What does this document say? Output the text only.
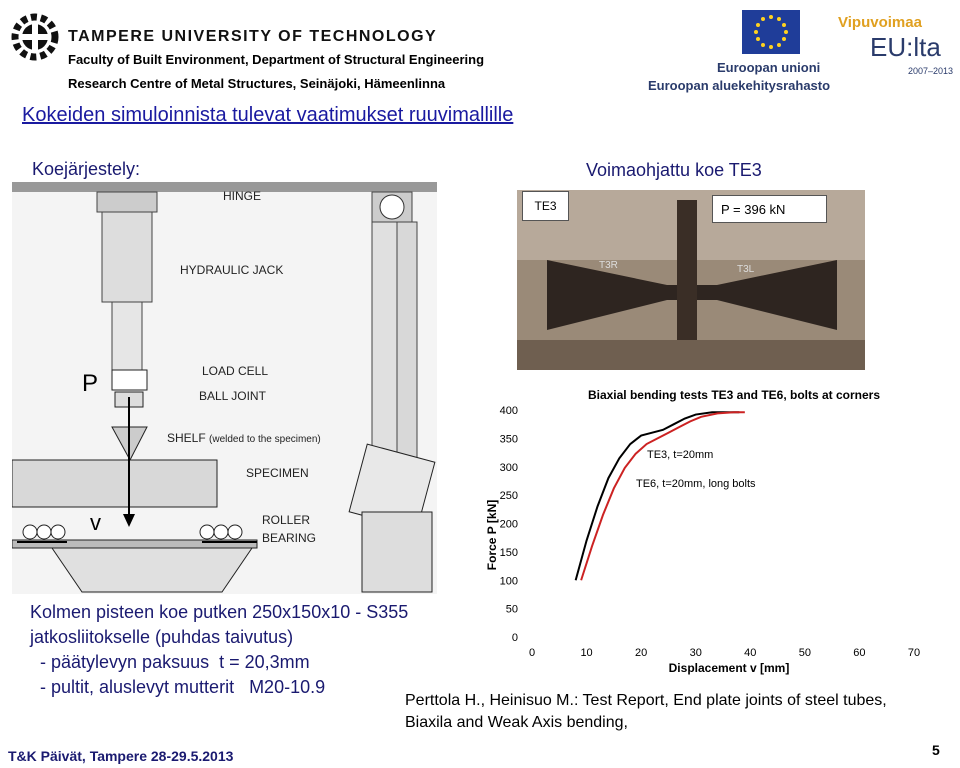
TAMPERE UNIVERSITY OF TECHNOLOGY
Faculty of Built Environment, Department of Structural Engineering
Research Centre of Metal Structures, Seinäjoki, Hämeenlinna
Euroopan unioni
Euroopan aluekehitysrahasto
Vipuvoimaa
EU:lta
2007–2013
Kokeiden simuloinnista tulevat vaatimukset ruuvimallille
Koejärjestely:	Voimaohjattu koe TE3
HINGE
HYDRAULIC JACK
P	LOAD CELL
BALL JOINT
SHELF (welded to the specimen)
SPECIMEN
v	ROLLER
BEARING
T3R	T3L
TE3	P = 396 kN
0	10	20	30	40	50	60	70
0
50
100
150
200
250
300
350
400
Biaxial bending tests TE3 and TE6, bolts at corners
Displacement v [mm]
Force P [kN]
TE3, t=20mm
TE6, t=20mm, long bolts
Kolmen pisteen koe putken 250x150x10 - S355
jatkosliitokselle (puhdas taivutus)
- päätylevyn paksuus  t = 20,3mm
- pultit, aluslevyt mutterit   M20-10.9
Perttola H., Heinisuo M.: Test Report, End plate joints of steel tubes,
Biaxila and Weak Axis bending,
T&K Päivät, Tampere 28-29.5.2013	5
